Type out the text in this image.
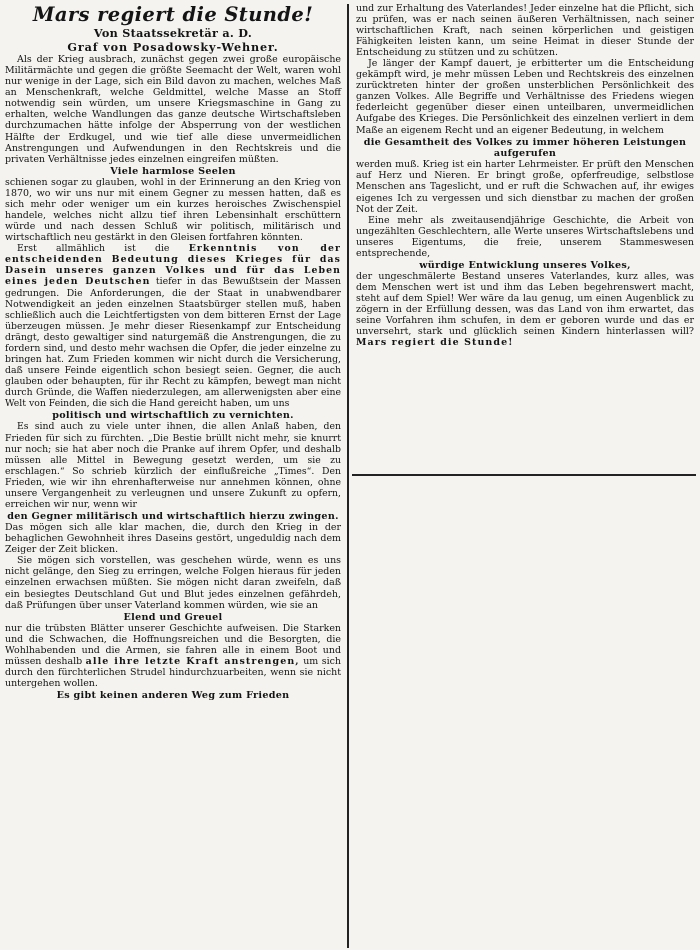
Mars regiert die Stunde!
Von Staatssekretär a. D.
Graf von Posadowsky-Wehner.

Als der Krieg ausbrach, zunächst gegen zwei große europäische Militärmächte und gegen die größte Seemacht der Welt, waren wohl nur wenige in der Lage, sich ein Bild davon zu machen, welches Maß an Menschenkraft, welche Geldmittel, welche Masse an Stoff notwendig sein würden, um unsere Kriegsmaschine in Gang zu erhalten, welche Wandlungen das ganze deutsche Wirtschaftsleben durchzumachen hätte infolge der Absperrung von der westlichen Hälfte der Erdkugel, und wie tief alle diese unvermeidlichen Anstrengungen und Aufwendungen in den Rechtskreis und die privaten Verhältnisse jedes einzelnen eingreifen müßten.

Viele harmlose Seelen

schienen sogar zu glauben, wohl in der Erinnerung an den Krieg von 1870, wo wir uns nur mit einem Gegner zu messen hatten, daß es sich mehr oder weniger um ein kurzes heroisches Zwischenspiel handele, welches nicht allzu tief ihren Lebensinhalt erschüttern würde und nach dessen Schluß wir politisch, militärisch und wirtschaftlich neu gestärkt in den Gleisen fortfahren könnten.

Erst allmählich ist die Erkenntnis von der entscheidenden Bedeutung dieses Krieges für das Dasein unseres ganzen Volkes und für das Leben eines jeden Deutschen tiefer in das Bewußtsein der Massen gedrungen. Die Anforderungen, die der Staat in unabwendbarer Notwendigkeit an jeden einzelnen Staatsbürger stellen muß, haben schließlich auch die Leichtfertigsten von dem bitteren Ernst der Lage überzeugen müssen. Je mehr dieser Riesenkampf zur Entscheidung drängt, desto gewaltiger sind naturgemäß die Anstrengungen, die zu fordern sind, und desto mehr wachsen die Opfer, die jeder einzelne zu bringen hat. Zum Frieden kommen wir nicht durch die Versicherung, daß unsere Feinde eigentlich schon besiegt seien. Gegner, die auch glauben oder behaupten, für ihr Recht zu kämpfen, bewegt man nicht durch Gründe, die Waffen niederzulegen, am allerwenigsten aber eine Welt von Feinden, die sich die Hand gereicht haben, um uns

politisch und wirtschaftlich zu vernichten.

Es sind auch zu viele unter ihnen, die allen Anlaß haben, den Frieden für sich zu fürchten. „Die Bestie brüllt nicht mehr, sie knurrt nur noch; sie hat aber noch die Pranke auf ihrem Opfer, und deshalb müssen alle Mittel in Bewegung gesetzt werden, um sie zu erschlagen.“ So schrieb kürzlich der einflußreiche „Times“. Den Frieden, wie wir ihn ehrenhafterweise nur annehmen können, ohne unsere Vergangenheit zu verleugnen und unsere Zukunft zu opfern, erreichen wir nur, wenn wir

den Gegner militärisch und wirtschaftlich hierzu zwingen.

Das mögen sich alle klar machen, die, durch den Krieg in der behaglichen Gewohnheit ihres Daseins gestört, ungeduldig nach dem Zeiger der Zeit blicken.

Sie mögen sich vorstellen, was geschehen würde, wenn es uns nicht gelänge, den Sieg zu erringen, welche Folgen hieraus für jeden einzelnen erwachsen müßten. Sie mögen nicht daran zweifeln, daß ein besiegtes Deutschland Gut und Blut jedes einzelnen gefährdeh, daß Prüfungen über unser Vaterland kommen würden, wie sie an

Elend und Greuel

nur die trübsten Blätter unserer Geschichte aufweisen. Die Starken und die Schwachen, die Hoffnungsreichen und die Besorgten, die Wohlhabenden und die Armen, sie fahren alle in einem Boot und müssen deshalb alle ihre letzte Kraft anstrengen, um sich durch den fürchterlichen Strudel hindurchzuarbeiten, wenn sie nicht untergehen wollen.

Es gibt keinen anderen Weg zum Frieden

und zur Erhaltung des Vaterlandes! Jeder einzelne hat die Pflicht, sich zu prüfen, was er nach seinen äußeren Verhältnissen, nach seiner wirtschaftlichen Kraft, nach seinen körperlichen und geistigen Fähigkeiten leisten kann, um seine Heimat in dieser Stunde der Entscheidung zu stützen und zu schützen.

Je länger der Kampf dauert, je erbitterter um die Entscheidung gekämpft wird, je mehr müssen Leben und Rechtskreis des einzelnen zurücktreten hinter der großen unsterblichen Persönlichkeit des ganzen Volkes. Alle Begriffe und Verhältnisse des Friedens wiegen federleicht gegenüber dieser einen unteilbaren, unvermeidlichen Aufgabe des Krieges. Die Persönlichkeit des einzelnen verliert in dem Maße an eigenem Recht und an eigener Bedeutung, in welchem

die Gesamtheit des Volkes zu immer höheren Leistungen aufgerufen

werden muß. Krieg ist ein harter Lehrmeister. Er prüft den Menschen auf Herz und Nieren. Er bringt große, opferfreudige, selbstlose Menschen ans Tageslicht, und er ruft die Schwachen auf, ihr ewiges eigenes Ich zu vergessen und sich dienstbar zu machen der großen Not der Zeit.

Eine mehr als zweitausendjährige Geschichte, die Arbeit von ungezählten Geschlechtern, alle Werte unseres Wirtschaftslebens und unseres Eigentums, die freie, unserem Stammeswesen entsprechende,

würdige Entwicklung unseres Volkes,

der ungeschmälerte Bestand unseres Vaterlandes, kurz alles, was dem Menschen wert ist und ihm das Leben begehrenswert macht, steht auf dem Spiel! Wer wäre da lau genug, um einen Augenblick zu zögern in der Erfüllung dessen, was das Land von ihm erwartet, das seine Vorfahren ihm schufen, in dem er geboren wurde und das er unversehrt, stark und glücklich seinen Kindern hinterlassen will? Mars regiert die Stunde!
